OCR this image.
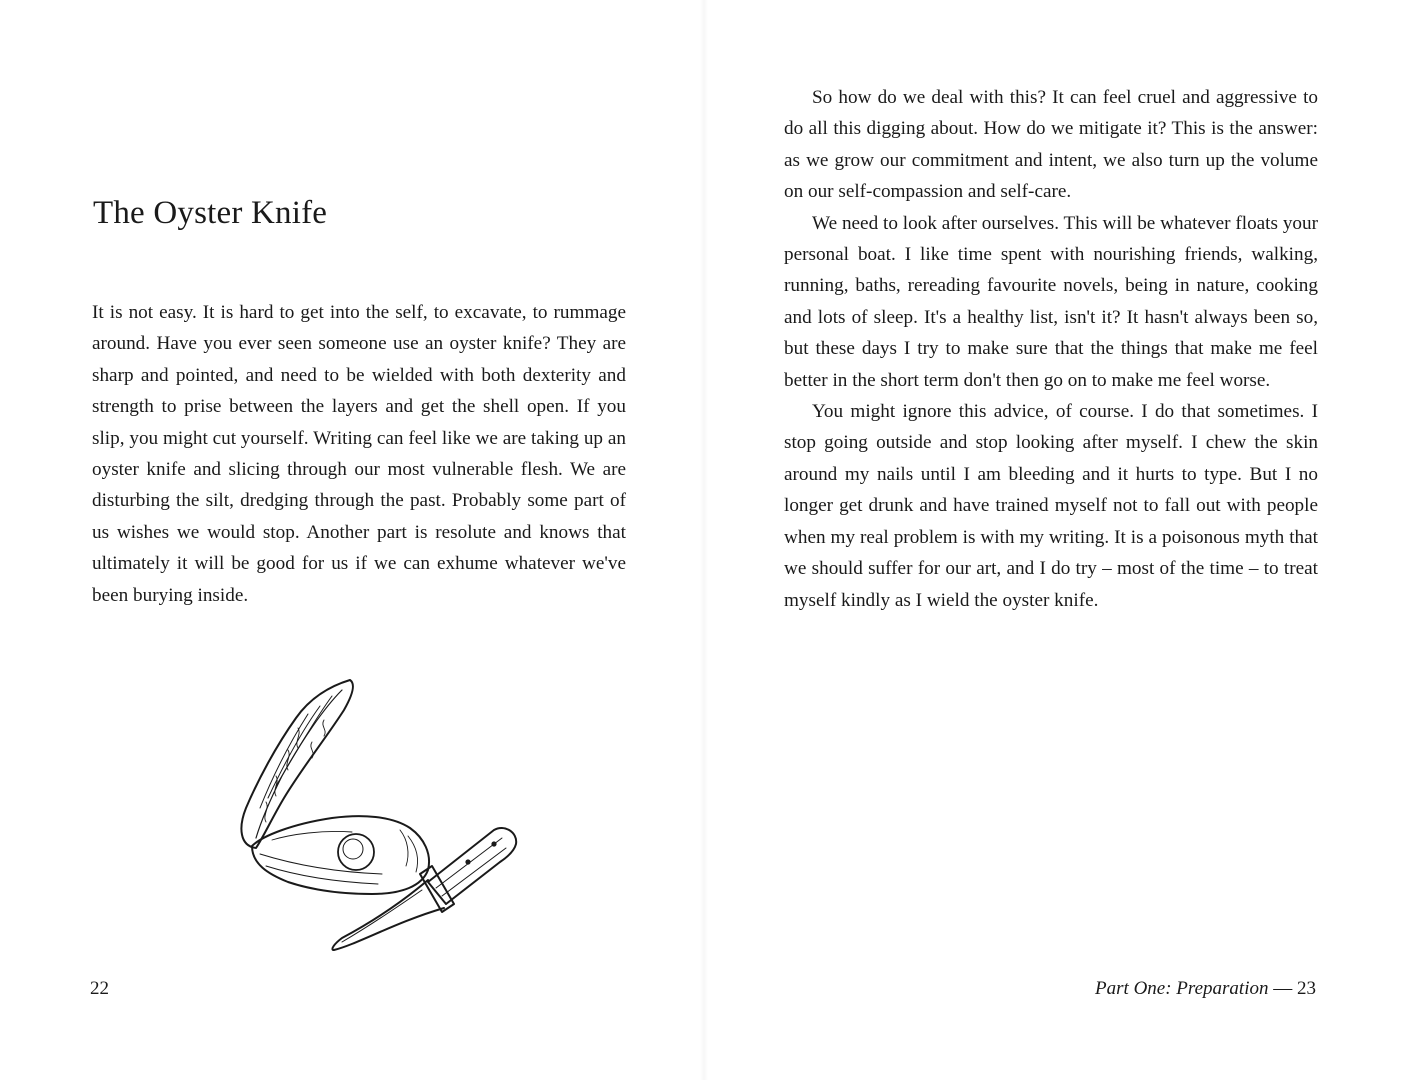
The Oyster Knife

It is not easy. It is hard to get into the self, to excavate, to rummage around. Have you ever seen someone use an oyster knife? They are sharp and pointed, and need to be wielded with both dexterity and strength to prise between the layers and get the shell open. If you slip, you might cut yourself. Writing can feel like we are taking up an oyster knife and slicing through our most vulnerable flesh. We are disturbing the silt, dredging through the past. Probably some part of us wishes we would stop. Another part is resolute and knows that ultimately it will be good for us if we can exhume whatever we've been burying inside.

22

So how do we deal with this? It can feel cruel and aggressive to do all this digging about. How do we mitigate it? This is the answer: as we grow our commitment and intent, we also turn up the volume on our self-compassion and self-care.

We need to look after ourselves. This will be whatever floats your personal boat. I like time spent with nourishing friends, walking, running, baths, rereading favourite novels, being in nature, cooking and lots of sleep. It's a healthy list, isn't it? It hasn't always been so, but these days I try to make sure that the things that make me feel better in the short term don't then go on to make me feel worse.

You might ignore this advice, of course. I do that sometimes. I stop going outside and stop looking after myself. I chew the skin around my nails until I am bleeding and it hurts to type. But I no longer get drunk and have trained myself not to fall out with people when my real problem is with my writing. It is a poisonous myth that we should suffer for our art, and I do try – most of the time – to treat myself kindly as I wield the oyster knife.

Part One: Preparation — 23
